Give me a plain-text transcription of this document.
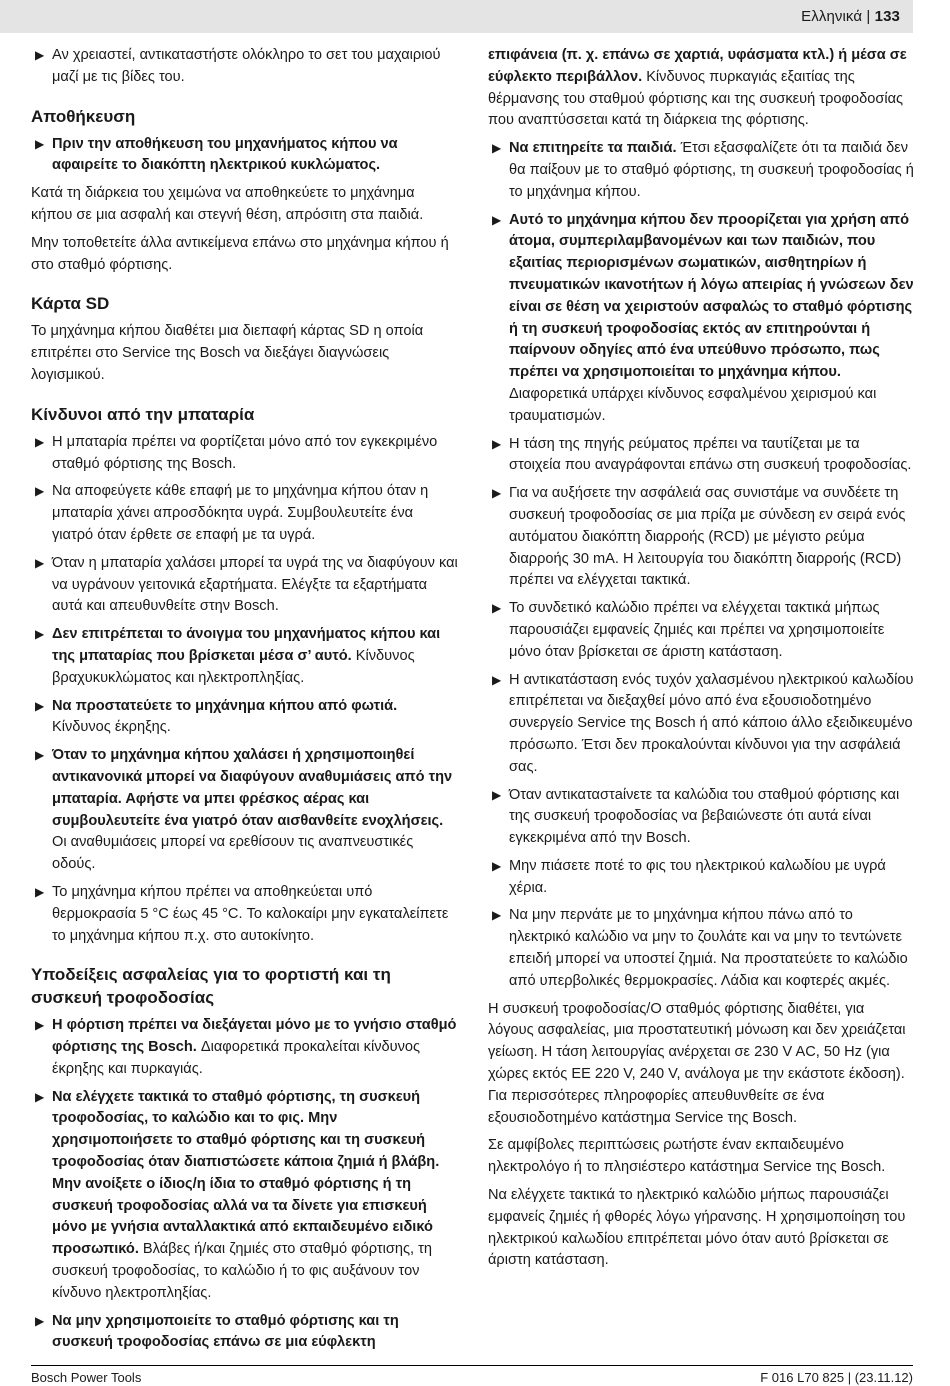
Ελληνικά | 133
▶ Αν χρειαστεί, αντικαταστήστε ολόκληρο το σετ του μαχαιριού μαζί με τις βίδες του.
Αποθήκευση
▶ Πριν την αποθήκευση του μηχανήματος κήπου να αφαιρείτε το διακόπτη ηλεκτρικού κυκλώματος.

Κατά τη διάρκεια του χειμώνα να αποθηκεύετε το μηχάνημα κήπου σε μια ασφαλή και στεγνή θέση, απρόσιτη στα παιδιά.

Μην τοποθετείτε άλλα αντικείμενα επάνω στο μηχάνημα κήπου ή στο σταθμό φόρτισης.

Κάρτα SD

Το μηχάνημα κήπου διαθέτει μια διεπαφή κάρτας SD η οποία επιτρέπει στο Service της Bosch να διεξάγει διαγνώσεις λογισμικού.

Κίνδυνοι από την μπαταρία
▶ Η μπαταρία πρέπει να φορτίζεται μόνο από τον εγκεκριμένο σταθμό φόρτισης της Bosch.
▶ Να αποφεύγετε κάθε επαφή με το μηχάνημα κήπου όταν η μπαταρία χάνει απροσδόκητα υγρά. Συμβουλευτείτε ένα γιατρό όταν έρθετε σε επαφή με τα υγρά.
▶ Όταν η μπαταρία χαλάσει μπορεί τα υγρά της να διαφύγουν και να υγράνουν γειτονικά εξαρτήματα. Ελέγξτε τα εξαρτήματα αυτά και απευθυνθείτε στην Bosch.
▶ Δεν επιτρέπεται το άνοιγμα του μηχανήματος κήπου και της μπαταρίας που βρίσκεται μέσα σ’ αυτό. Κίνδυνος βραχυκυκλώματος και ηλεκτροπληξίας.
▶ Να προστατεύετε το μηχάνημα κήπου από φωτιά. Κίνδυνος έκρηξης.
▶ Όταν το μηχάνημα κήπου χαλάσει ή χρησιμοποιηθεί αντικανονικά μπορεί να διαφύγουν αναθυμιάσεις από την μπαταρία. Αφήστε να μπει φρέσκος αέρας και συμβουλευτείτε ένα γιατρό όταν αισθανθείτε ενοχλήσεις. Οι αναθυμιάσεις μπορεί να ερεθίσουν τις αναπνευστικές οδούς.
▶ Το μηχάνημα κήπου πρέπει να αποθηκεύεται υπό θερμοκρασία 5 °C έως 45 °C. Το καλοκαίρι μην εγκαταλείπετε το μηχάνημα κήπου π.χ. στο αυτοκίνητο.
Υποδείξεις ασφαλείας για το φορτιστή και τη συσκευή τροφοδοσίας
▶ Η φόρτιση πρέπει να διεξάγεται μόνο με το γνήσιο σταθμό φόρτισης της Bosch. Διαφορετικά προκαλείται κίνδυνος έκρηξης και πυρκαγιάς.
▶ Να ελέγχετε τακτικά το σταθμό φόρτισης, τη συσκευή τροφοδοσίας, το καλώδιο και το φις. Μην χρησιμοποιήσετε το σταθμό φόρτισης και τη συσκευή τροφοδοσίας όταν διαπιστώσετε κάποια ζημιά ή βλάβη. Μην ανοίξετε ο ίδιος/η ίδια το σταθμό φόρτισης ή τη συσκευή τροφοδοσίας αλλά να τα δίνετε για επισκευή μόνο με γνήσια ανταλλακτικά από εκπαιδευμένο ειδικό προσωπικό. Βλάβες ή/και ζημιές στο σταθμό φόρτισης, τη συσκευή τροφοδοσίας, το καλώδιο ή το φις αυξάνουν τον κίνδυνο ηλεκτροπληξίας.
▶ Να μην χρησιμοποιείτε το σταθμό φόρτισης και τη συσκευή τροφοδοσίας επάνω σε μια εύφλεκτη

επιφάνεια (π. χ. επάνω σε χαρτιά, υφάσματα κτλ.) ή μέσα σε εύφλεκτο περιβάλλον. Κίνδυνος πυρκαγιάς εξαιτίας της θέρμανσης του σταθμού φόρτισης και της συσκευή τροφοδοσίας που αναπτύσσεται κατά τη διάρκεια της φόρτισης.

▶ Να επιτηρείτε τα παιδιά. Έτσι εξασφαλίζετε ότι τα παιδιά δεν θα παίξουν με το σταθμό φόρτισης, τη συσκευή τροφοδοσίας ή το μηχάνημα κήπου.
▶ Αυτό το μηχάνημα κήπου δεν προορίζεται για χρήση από άτομα, συμπεριλαμβανομένων και των παιδιών, που εξαιτίας περιορισμένων σωματικών, αισθητηρίων ή πνευματικών ικανοτήτων ή λόγω απειρίας ή γνώσεων δεν είναι σε θέση να χειριστούν ασφαλώς το σταθμό φόρτισης ή τη συσκευή τροφοδοσίας εκτός αν επιτηρούνται ή παίρνουν οδηγίες από ένα υπεύθυνο πρόσωπο, πως πρέπει να χρησιμοποιείται το μηχάνημα κήπου. Διαφορετικά υπάρχει κίνδυνος εσφαλμένου χειρισμού και τραυματισμών.
▶ Η τάση της πηγής ρεύματος πρέπει να ταυτίζεται με τα στοιχεία που αναγράφονται επάνω στη συσκευή τροφοδοσίας.
▶ Για να αυξήσετε την ασφάλειά σας συνιστάμε να συνδέετε τη συσκευή τροφοδοσίας σε μια πρίζα με σύνδεση εν σειρά ενός αυτόματου διακόπτη διαρροής (RCD) με μέγιστο ρεύμα διαρροής 30 mA. Η λειτουργία του διακόπτη διαρροής (RCD) πρέπει να ελέγχεται τακτικά.
▶ Το συνδετικό καλώδιο πρέπει να ελέγχεται τακτικά μήπως παρουσιάζει εμφανείς ζημιές και πρέπει να χρησιμοποιείτε μόνο όταν βρίσκεται σε άριστη κατάσταση.
▶ Η αντικατάσταση ενός τυχόν χαλασμένου ηλεκτρικού καλωδίου επιτρέπεται να διεξαχθεί μόνο από ένα εξουσιοδοτημένο συνεργείο Service της Bosch ή από κάποιο άλλο εξειδικευμένο πρόσωπο. Έτσι δεν προκαλούνται κίνδυνοι για την ασφάλειά σας.
▶ Όταν αντικαταστaίνετε τα καλώδια του σταθμού φόρτισης και της συσκευή τροφοδοσίας να βεβαιώνεστε ότι αυτά είναι εγκεκριμένα από την Bosch.
▶ Μην πιάσετε ποτέ το φις του ηλεκτρικού καλωδίου με υγρά χέρια.
▶ Να μην περνάτε με το μηχάνημα κήπου πάνω από το ηλεκτρικό καλώδιο να μην το ζουλάτε και να μην το τεντώνετε επειδή μπορεί να υποστεί ζημιά. Να προστατεύετε το καλώδιο από υπερβολικές θερμοκρασίες. Λάδια και κοφτερές ακμές.

Η συσκευή τροφοδοσίας/Ο σταθμός φόρτισης διαθέτει, για λόγους ασφαλείας, μια προστατευτική μόνωση και δεν χρειάζεται γείωση. Η τάση λειτουργίας ανέρχεται σε 230 V AC, 50 Hz (για χώρες εκτός ΕΕ 220 V, 240 V, ανάλογα με την εκάστοτε έκδοση). Για περισσότερες πληροφορίες απευθυνθείτε σε ένα εξουσιοδοτημένο κατάστημα Service της Bosch.

Σε αμφίβολες περιπτώσεις ρωτήστε έναν εκπαιδευμένο ηλεκτρολόγο ή το πλησιέστερο κατάστημα Service της Bosch.

Να ελέγχετε τακτικά το ηλεκτρικό καλώδιο μήπως παρουσιάζει εμφανείς ζημιές ή φθορές λόγω γήρανσης. Η χρησιμοποίηση του ηλεκτρικού καλωδίου επιτρέπεται μόνο όταν αυτό βρίσκεται σε άριστη κατάσταση.

Bosch Power Tools	F 016 L70 825 | (23.11.12)
